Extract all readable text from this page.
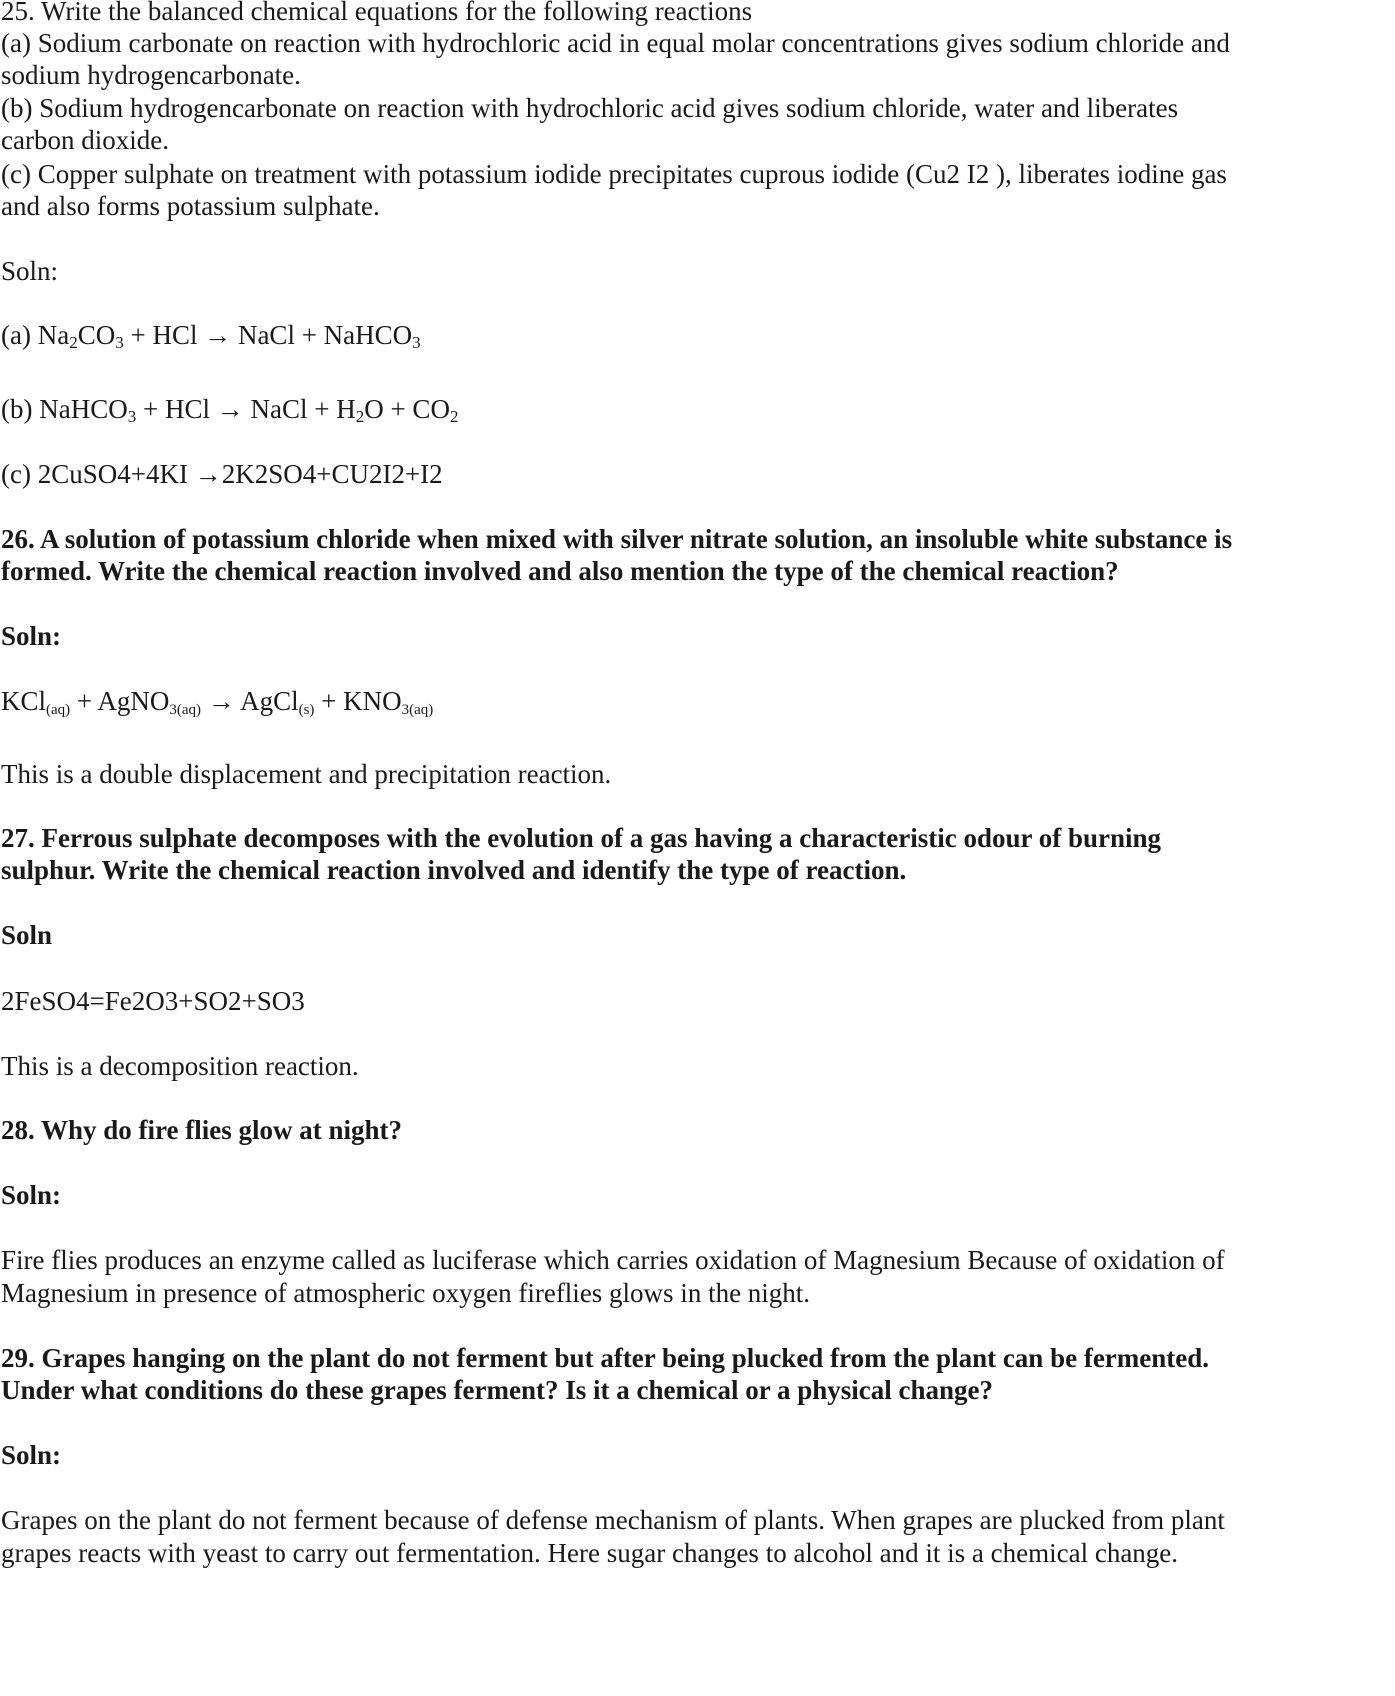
25. Write the balanced chemical equations for the following reactions

(a) Sodium carbonate on reaction with hydrochloric acid in equal molar concentrations gives sodium chloride and

sodium hydrogencarbonate.

(b) Sodium hydrogencarbonate on reaction with hydrochloric acid gives sodium chloride, water and liberates

carbon dioxide.

(c) Copper sulphate on treatment with potassium iodide precipitates cuprous iodide (Cu2 I2 ), liberates iodine gas

and also forms potassium sulphate.

Soln:

(a) $Na_2CO_3$ + HCl → NaCl + NaHCO$_3$

(b) NaHCO$_3$ + HCl → NaCl + $H_2O + CO_2$

(c) 2CuSO4+4KI →2K2SO4+CU2I2+I2

26. A solution of potassium chloride when mixed with silver nitrate solution, an insoluble white substance is

formed. Write the chemical reaction involved and also mention the type of the chemical reaction?

Soln:

KCl$_{(aq)}$ + AgNO$_{3(aq)}$ → AgCl$_{(s)}$ + $KNO_{3(aq)}$

This is a double displacement and precipitation reaction.

27. Ferrous sulphate decomposes with the evolution of a gas having a characteristic odour of burning

sulphur. Write the chemical reaction involved and identify the type of reaction.

Soln

2FeSO4=Fe2O3+SO2+SO3

This is a decomposition reaction.

28. Why do fire flies glow at night?

Soln:

Fire flies produces an enzyme called as luciferase which carries oxidation of Magnesium Because of oxidation of

Magnesium in presence of atmospheric oxygen fireflies glows in the night.

29. Grapes hanging on the plant do not ferment but after being plucked from the plant can be fermented.

Under what conditions do these grapes ferment? Is it a chemical or a physical change?

Soln:

Grapes on the plant do not ferment because of defense mechanism of plants. When grapes are plucked from plant

grapes reacts with yeast to carry out fermentation. Here sugar changes to alcohol and it is a chemical change.
